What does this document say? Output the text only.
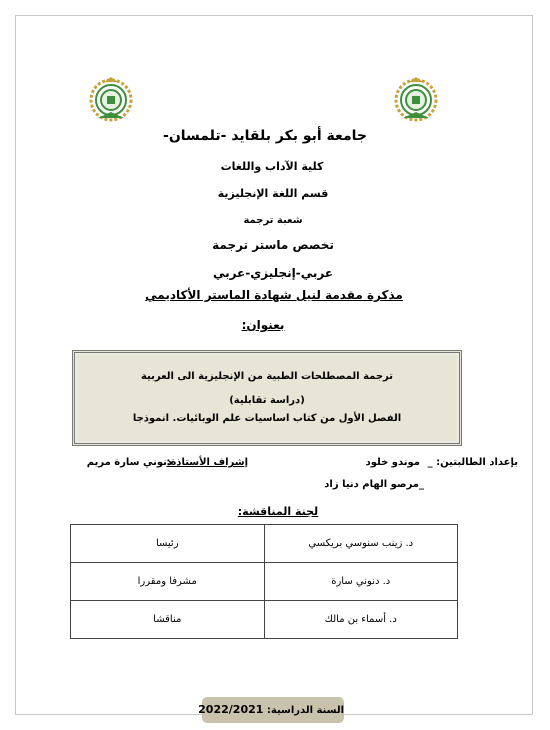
جامعة أبو بكر بلقايد -تلمسان-
كلية الآداب واللغات
قسم اللغة الإنجليزية
شعبة ترجمة
تخصص ماستر ترجمة
عربي-إنجليزي-عربي
مذكرة مقدمة لنيل شهادة الماستر الأكاديمي
بعنوان:
ترجمة المصطلحات الطبية من الإنجليزية الى العربية
(دراسة تقابلية)
الفصل الأول من كتاب اساسيات علم الوبائيات. انموذجا
بإعداد الطالبتين: _
موندو خلود
إشراف الأستاذة:
دنوني سارة مريم
_مرصو الهام دنيا زاد
لجنة المناقشة:
د. زينب سنوسي بريكسي	رئيسا
د. دنوني سارة	مشرفا ومقررا
د. أسماء بن مالك	مناقشا
السنة الدراسية: 2022/2021
